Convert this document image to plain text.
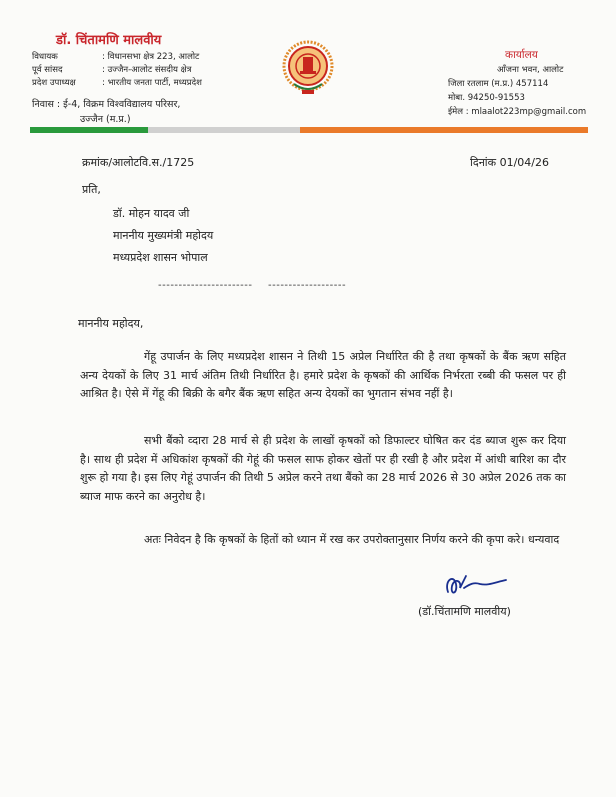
डॉ. चिंतामणि मालवीय
विधायक	: विधानसभा क्षेत्र 223, आलोट
पूर्व सांसद	: उज्जैन-आलोट संसदीय क्षेत्र
प्रदेश उपाध्यक्ष	: भारतीय जनता पार्टी, मध्यप्रदेश
निवास : ई-4, विक्रम विश्वविद्यालय परिसर,
उज्जैन (म.प्र.)
कार्यालय
आँजना भवन, आलोट
जिला रतलाम (म.प्र.) 457114
मोबा. 94250-91553
ईमेल : mlaalot223mp@gmail.com
क्रमांक/आलोटवि.स./1725	दिनांक 01/04/26
प्रति,
डॉ. मोहन यादव जी
माननीय मुख्यमंत्री महोदय
मध्यप्रदेश शासन भोपाल
----------------------- -------------------
माननीय महोदय,

गेंहू उपार्जन के लिए मध्यप्रदेश शासन ने तिथी 15 अप्रेल निर्धारित की है तथा कृषकों के बैंक ऋण सहित अन्य देयकों के लिए 31 मार्च अंतिम तिथी निर्धारित है। हमारे प्रदेश के कृषकों की आर्थिक निर्भरता रब्बी की फसल पर ही आश्रित है। ऐसे में गेंहू की बिक्री के बगैर बैंक ऋण सहित अन्य देयकों का भुगतान संभव नहीं है।

सभी बैंको व्दारा 28 मार्च से ही प्रदेश के लाखों कृषकों को डिफाल्टर घोषित कर दंड ब्याज शुरू कर दिया है। साथ ही प्रदेश में अधिकांश कृषकों की गेहूं की फसल साफ होकर खेतों पर ही रखी है और प्रदेश में आंधी बारिश का दौर शुरू हो गया है। इस लिए गेहूं उपार्जन की तिथी 5 अप्रेल करने तथा बैंको का 28 मार्च 2026 से 30 अप्रेल 2026 तक का ब्याज माफ करने का अनुरोध है।

अतः निवेदन है कि कृषकों के हितों को ध्यान में रख कर उपरोक्तानुसार निर्णय करने की कृपा करे। धन्यवाद

(डॉ.चिंतामणि मालवीय)
